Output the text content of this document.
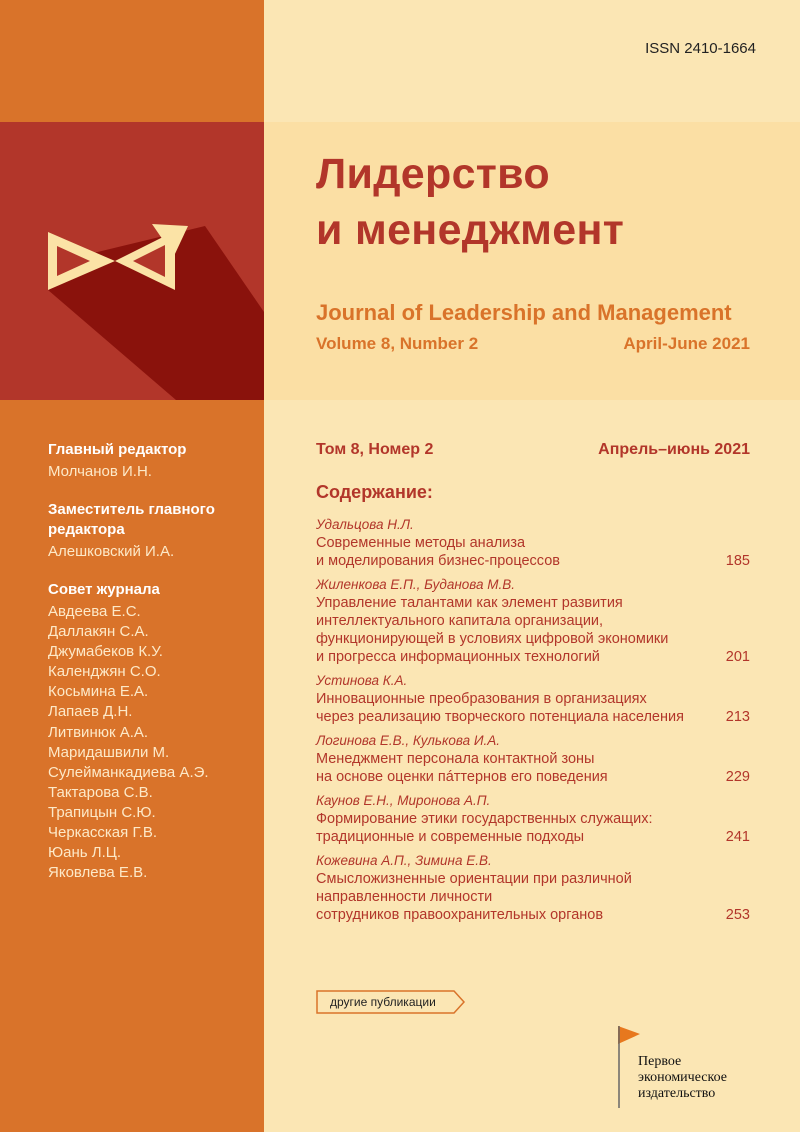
ISSN 2410-1664
Лидерство
и менеджмент
Journal of Leadership and Management
Volume 8, Number 2	April-June 2021
Том 8, Номер 2	Апрель–июнь 2021
Содержание:
Удальцова Н.Л.
Современные методы анализа
и моделирования бизнес-процессов	185
Жиленкова Е.П., Буданова М.В.
Управление талантами как элемент развития
интеллектуального капитала организации,
функционирующей в условиях цифровой экономики
и прогресса информационных технологий	201
Устинова К.А.
Инновационные преобразования в организациях
через реализацию творческого потенциала населения	213
Логинова Е.В., Кулькова И.А.
Менеджмент персонала контактной зоны
на основе оценки пáттернов его поведения	229
Каунов Е.Н., Миронова А.П.
Формирование этики государственных служащих:
традиционные и современные подходы	241
Кожевина А.П., Зимина Е.В.
Смысложизненные ориентации при различной
направленности личности
сотрудников правоохранительных органов	253

Главный редактор

Молчанов И.Н.

Заместитель главного

редактора

Алешковский И.А.

Совет журнала

Авдеева Е.С.
Даллакян С.А.
Джумабеков К.У.
Календжян С.О.
Косьмина Е.А.
Лапаев Д.Н.
Литвинюк А.А.
Маридашвили М.
Сулейманкадиева А.Э.
Тактарова С.В.
Трапицын С.Ю.
Черкасская Г.В.
Юань Л.Ц.
Яковлева Е.В.
другие публикации
Первое
экономическое
издательство
